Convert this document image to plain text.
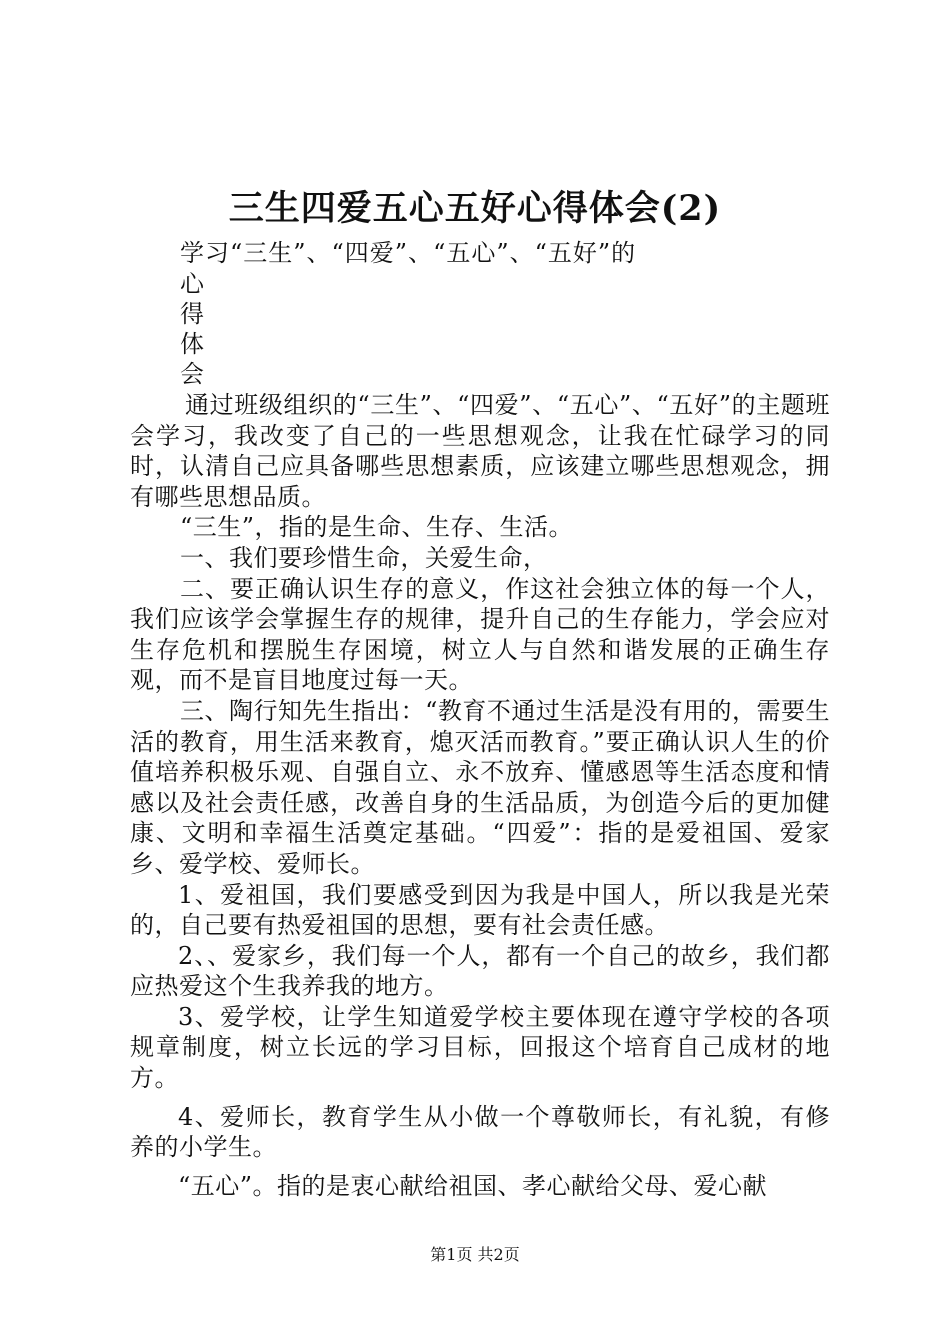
三生四爱五心五好心得体会(2)
学习“三生”、“四爱”、“五心”、“五好”的
心
得
体
会

通过班级组织的“三生”、“四爱”、“五心”、“五好”的主题班会学习，我改变了自己的一些思想观念，让我在忙碌学习的同时，认清自己应具备哪些思想素质，应该建立哪些思想观念，拥有哪些思想品质。

“三生”，指的是生命、生存、生活。

一、我们要珍惜生命，关爱生命，

二、要正确认识生存的意义，作这社会独立体的每一个人，我们应该学会掌握生存的规律，提升自己的生存能力，学会应对生存危机和摆脱生存困境，树立人与自然和谐发展的正确生存观，而不是盲目地度过每一天。

三、陶行知先生指出：“教育不通过生活是没有用的，需要生活的教育，用生活来教育，熄灭活而教育。”要正确认识人生的价值培养积极乐观、自强自立、永不放弃、懂感恩等生活态度和情感以及社会责任感，改善自身的生活品质，为创造今后的更加健康、文明和幸福生活奠定基础。“四爱”：指的是爱祖国、爱家乡、爱学校、爱师长。

1、爱祖国，我们要感受到因为我是中国人，所以我是光荣的，自己要有热爱祖国的思想，要有社会责任感。

2、、爱家乡，我们每一个人，都有一个自己的故乡，我们都应热爱这个生我养我的地方。

3、爱学校，让学生知道爱学校主要体现在遵守学校的各项规章制度，树立长远的学习目标，回报这个培育自己成材的地方。

4、爱师长，教育学生从小做一个尊敬师长，有礼貌，有修养的小学生。

“五心”。指的是衷心献给祖国、孝心献给父母、爱心献

第1页 共2页
